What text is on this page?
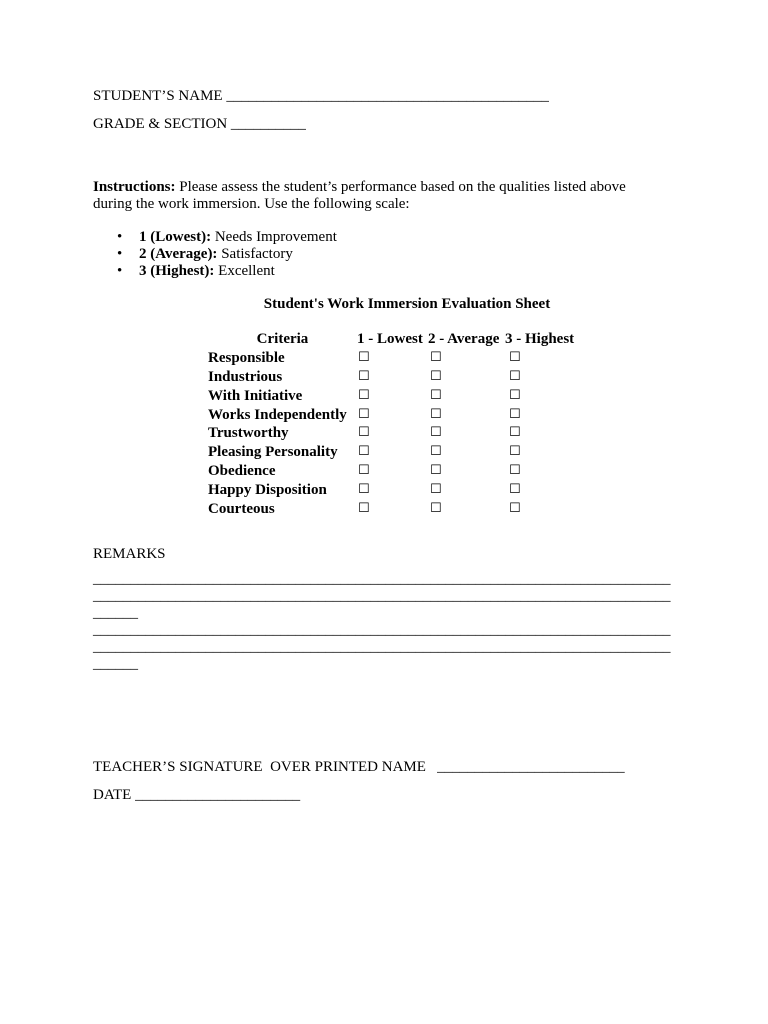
STUDENT’S NAME ___________________________________________
GRADE & SECTION __________
Instructions: Please assess the student’s performance based on the qualities listed above during the work immersion. Use the following scale:
• 1 (Lowest): Needs Improvement
• 2 (Average): Satisfactory
• 3 (Highest): Excellent
Student's Work Immersion Evaluation Sheet
Criteria	1 - Lowest 2 - Average 3 - Highest
Responsible	☐	☐	☐
Industrious	☐	☐	☐
With Initiative	☐	☐	☐
Works Independently ☐	☐	☐
Trustworthy	☐	☐	☐
Pleasing Personality	☐	☐	☐
Obedience	☐	☐	☐
Happy Disposition	☐	☐	☐
Courteous	☐	☐	☐
REMARKS
_____________________________________________________________________________
_____________________________________________________________________________
______
_____________________________________________________________________________
_____________________________________________________________________________
______
TEACHER’S SIGNATURE  OVER PRINTED NAME   _________________________
DATE ______________________
